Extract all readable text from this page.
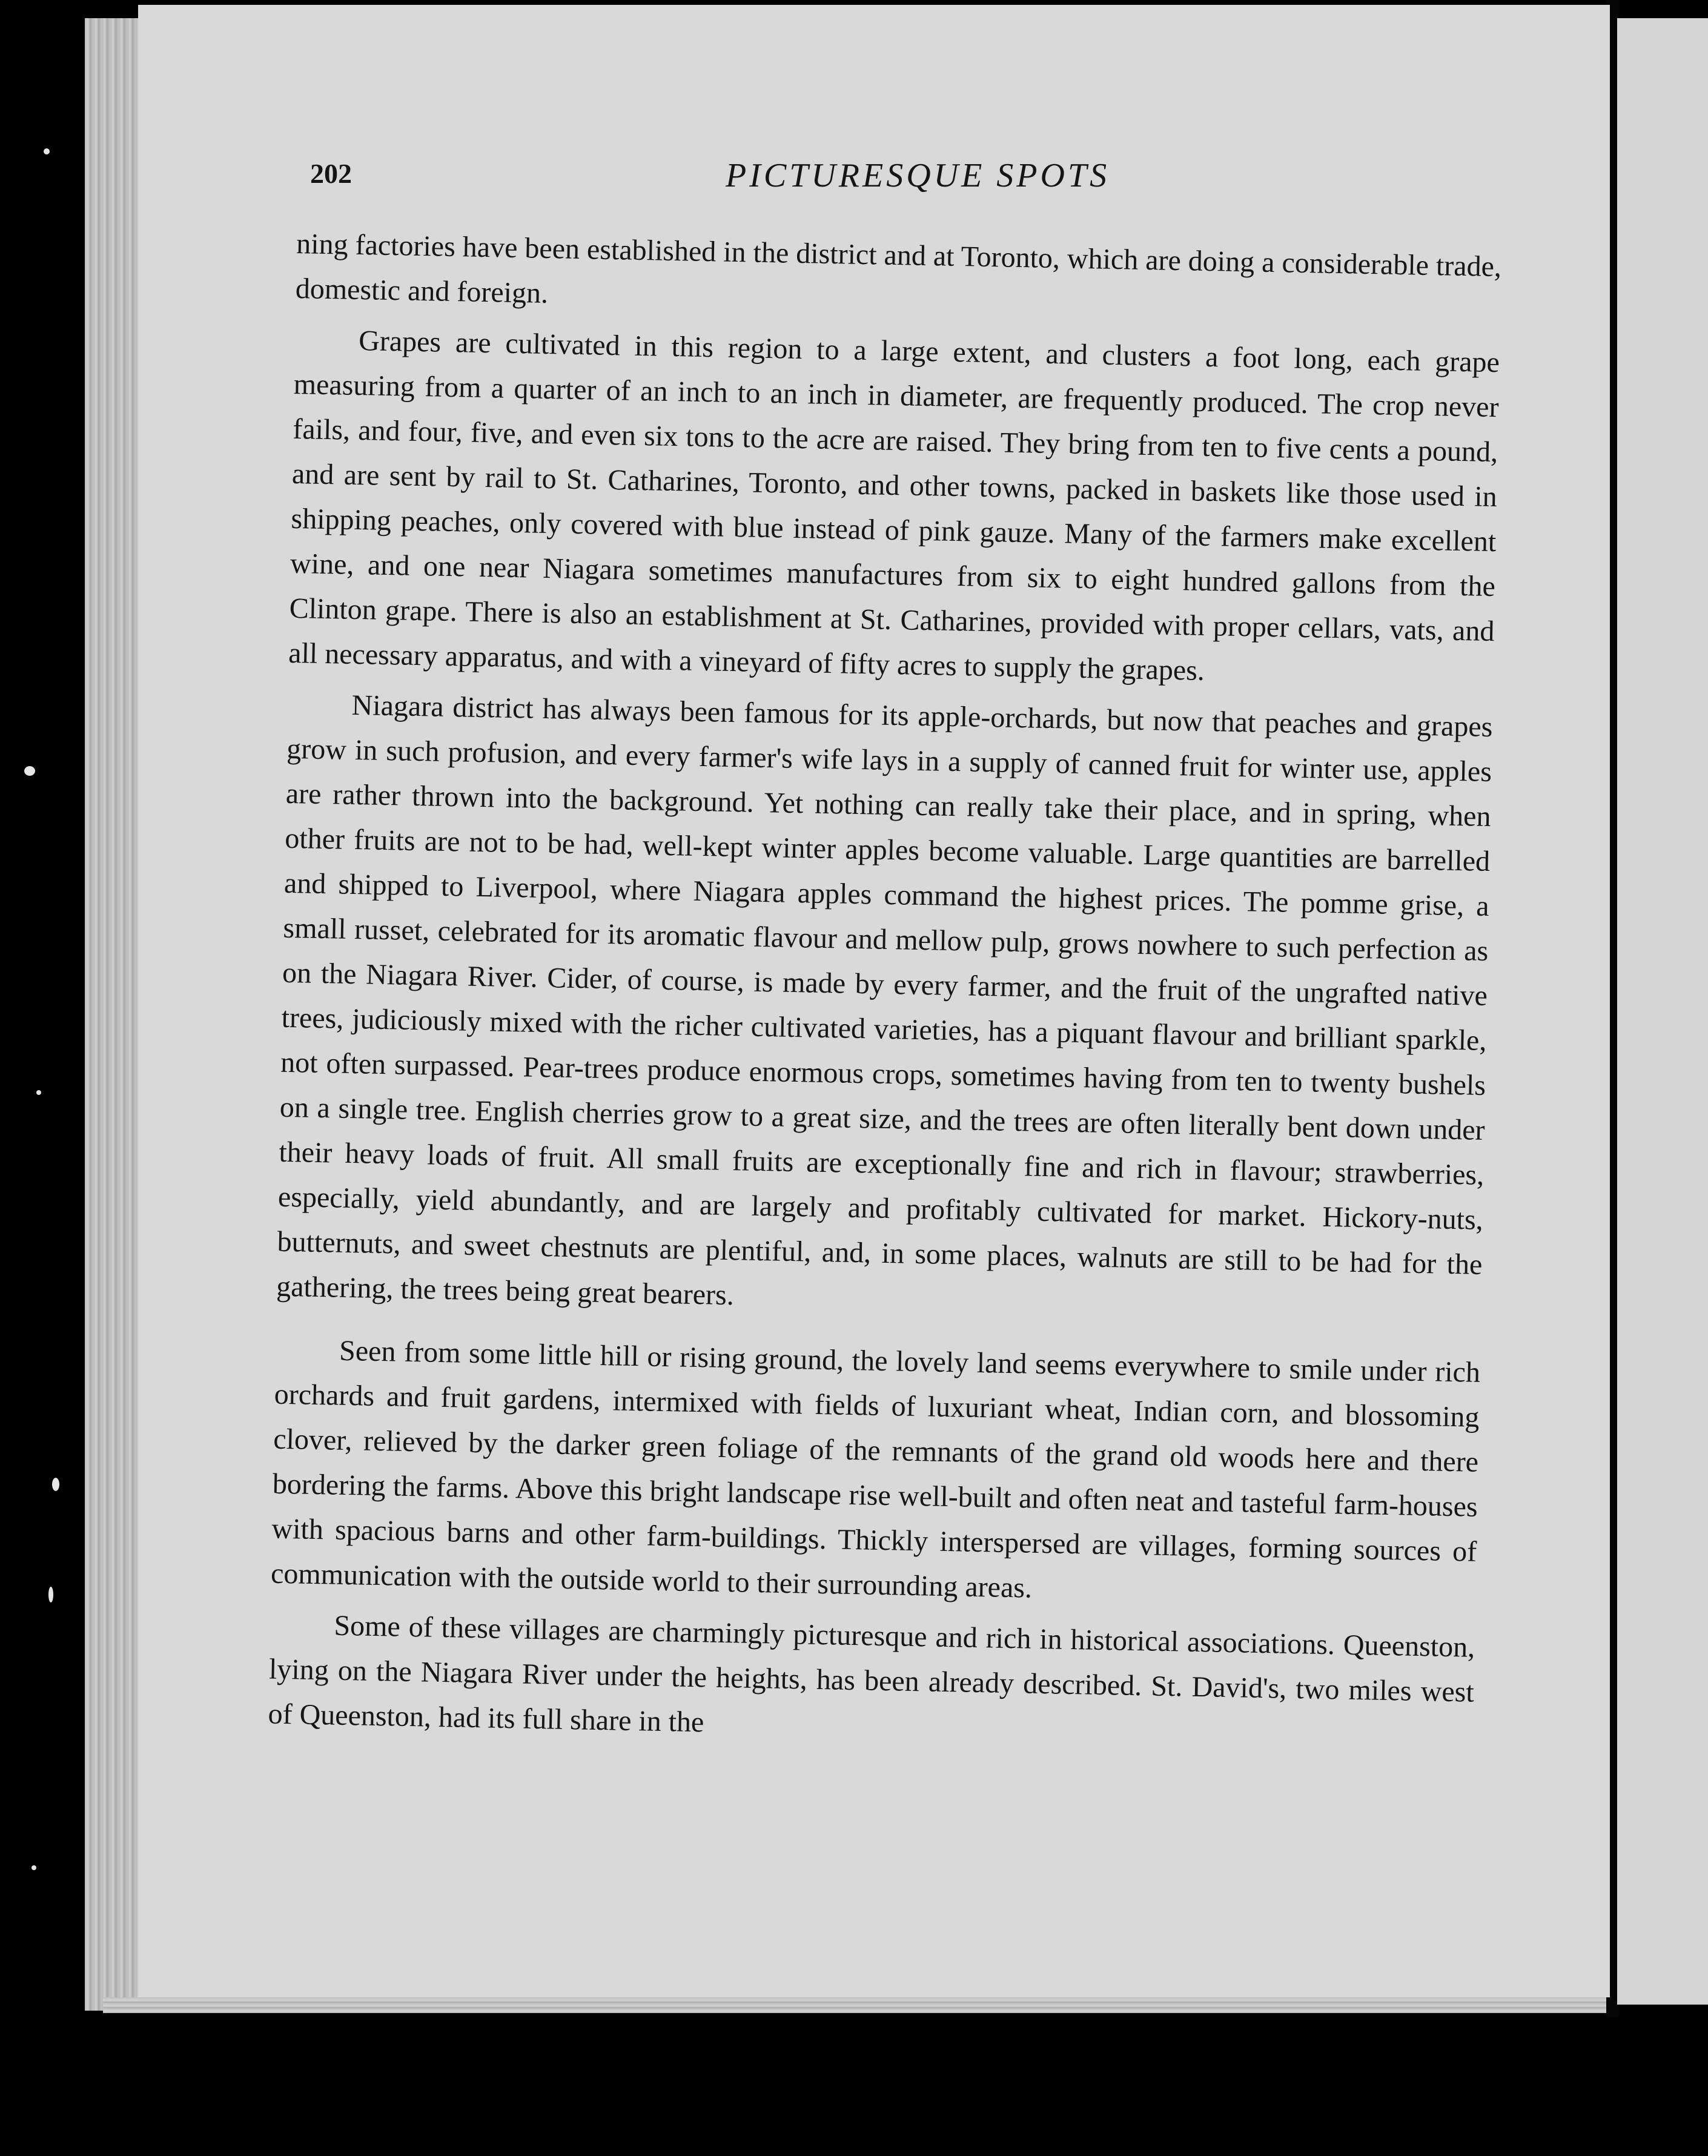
202	PICTURESQUE SPOTS

ning factories have been established in the district and at Toronto, which are doing a considerable trade, domestic and foreign.

Grapes are cultivated in this region to a large extent, and clusters a foot long, each grape measuring from a quarter of an inch to an inch in diameter, are frequently produced. The crop never fails, and four, five, and even six tons to the acre are raised. They bring from ten to five cents a pound, and are sent by rail to St. Catharines, Toronto, and other towns, packed in baskets like those used in shipping peaches, only covered with blue instead of pink gauze. Many of the farmers make excellent wine, and one near Niagara sometimes manufactures from six to eight hundred gallons from the Clinton grape. There is also an establishment at St. Catharines, provided with proper cellars, vats, and all necessary apparatus, and with a vineyard of fifty acres to supply the grapes.

Niagara district has always been famous for its apple-orchards, but now that peaches and grapes grow in such profusion, and every farmer's wife lays in a supply of canned fruit for winter use, apples are rather thrown into the background. Yet nothing can really take their place, and in spring, when other fruits are not to be had, well-kept winter apples become valuable. Large quantities are barrelled and shipped to Liverpool, where Niagara apples command the highest prices. The pomme grise, a small russet, celebrated for its aromatic flavour and mellow pulp, grows nowhere to such perfection as on the Niagara River. Cider, of course, is made by every farmer, and the fruit of the ungrafted native trees, judiciously mixed with the richer cultivated varieties, has a piquant flavour and brilliant sparkle, not often surpassed. Pear-trees produce enormous crops, sometimes having from ten to twenty bushels on a single tree. English cherries grow to a great size, and the trees are often literally bent down under their heavy loads of fruit. All small fruits are exceptionally fine and rich in flavour; strawberries, especially, yield abundantly, and are largely and profitably cultivated for market. Hickory-nuts, butternuts, and sweet chestnuts are plentiful, and, in some places, walnuts are still to be had for the gathering, the trees being great bearers.

Seen from some little hill or rising ground, the lovely land seems everywhere to smile under rich orchards and fruit gardens, intermixed with fields of luxuriant wheat, Indian corn, and blossoming clover, relieved by the darker green foliage of the remnants of the grand old woods here and there bordering the farms. Above this bright landscape rise well-built and often neat and tasteful farm-houses with spacious barns and other farm-buildings. Thickly interspersed are villages, forming sources of communication with the outside world to their surrounding areas.

Some of these villages are charmingly picturesque and rich in historical associations. Queenston, lying on the Niagara River under the heights, has been already described. St. David's, two miles west of Queenston, had its full share in the
